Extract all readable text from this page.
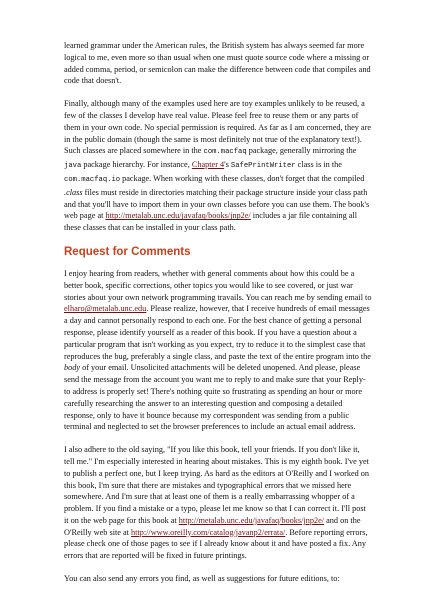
learned grammar under the American rules, the British system has always seemed far more logical to me, even more so than usual when one must quote source code where a missing or added comma, period, or semicolon can make the difference between code that compiles and code that doesn't.

Finally, although many of the examples used here are toy examples unlikely to be reused, a few of the classes I develop have real value. Please feel free to reuse them or any parts of them in your own code. No special permission is required. As far as I am concerned, they are in the public domain (though the same is most definitely not true of the explanatory text!). Such classes are placed somewhere in the com.macfaq package, generally mirroring the java package hierarchy. For instance, Chapter 4's SafePrintWriter class is in the com.macfaq.io package. When working with these classes, don't forget that the compiled .class files must reside in directories matching their package structure inside your class path and that you'll have to import them in your own classes before you can use them. The book's web page at http://metalab.unc.edu/javafaq/books/jnp2e/ includes a jar file containing all these classes that can be installed in your class path.

Request for Comments

I enjoy hearing from readers, whether with general comments about how this could be a better book, specific corrections, other topics you would like to see covered, or just war stories about your own network programming travails. You can reach me by sending email to elharo@metalab.unc.edu. Please realize, however, that I receive hundreds of email messages a day and cannot personally respond to each one. For the best chance of getting a personal response, please identify yourself as a reader of this book. If you have a question about a particular program that isn't working as you expect, try to reduce it to the simplest case that reproduces the bug, preferably a single class, and paste the text of the entire program into the body of your email. Unsolicited attachments will be deleted unopened. And please, please send the message from the account you want me to reply to and make sure that your Reply-to address is properly set! There's nothing quite so frustrating as spending an hour or more carefully researching the answer to an interesting question and composing a detailed response, only to have it bounce because my correspondent was sending from a public terminal and neglected to set the browser preferences to include an actual email address.

I also adhere to the old saying, "If you like this book, tell your friends. If you don't like it, tell me." I'm especially interested in hearing about mistakes. This is my eighth book. I've yet to publish a perfect one, but I keep trying. As hard as the editors at O'Reilly and I worked on this book, I'm sure that there are mistakes and typographical errors that we missed here somewhere. And I'm sure that at least one of them is a really embarrassing whopper of a problem. If you find a mistake or a typo, please let me know so that I can correct it. I'll post it on the web page for this book at http://metalab.unc.edu/javafaq/books/jnp2e/ and on the O'Reilly web site at http://www.oreilly.com/catalog/javanp2/errata/. Before reporting errors, please check one of those pages to see if I already know about it and have posted a fix. Any errors that are reported will be fixed in future printings.

You can also send any errors you find, as well as suggestions for future editions, to:
